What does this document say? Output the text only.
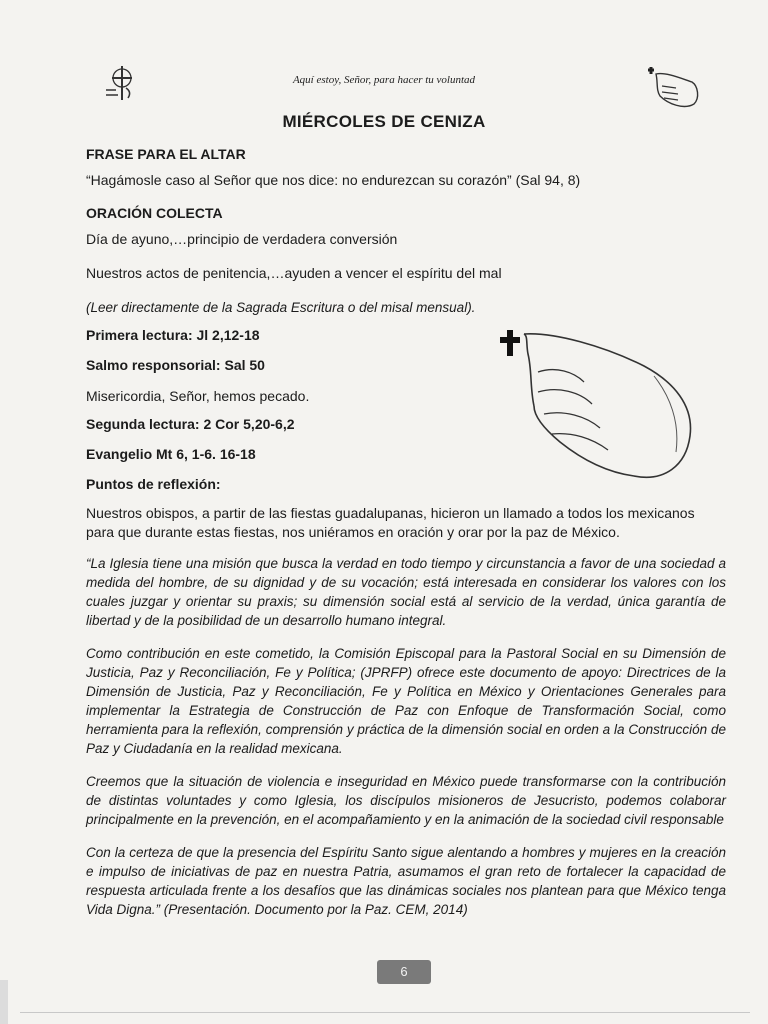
Aquí estoy, Señor, para hacer tu voluntad
MIÉRCOLES DE CENIZA
FRASE PARA EL ALTAR
“Hagámosle caso al Señor que nos dice: no endurezcan su corazón” (Sal 94, 8)
ORACIÓN COLECTA
Día de ayuno,…principio de verdadera conversión
Nuestros actos de penitencia,…ayuden a vencer el espíritu del mal
(Leer directamente de la Sagrada Escritura o del misal mensual).
Primera lectura: Jl 2,12-18
Salmo responsorial: Sal 50
Misericordia, Señor, hemos pecado.
Segunda lectura: 2 Cor 5,20-6,2
Evangelio Mt 6, 1-6. 16-18
Puntos de reflexión:
Nuestros obispos, a partir de las fiestas guadalupanas, hicieron un llamado a todos los mexicanos para que durante estas fiestas, nos uniéramos en oración y orar por la paz de México.
“La Iglesia tiene una misión que busca la verdad en todo tiempo y circunstancia a favor de una sociedad a medida del hombre, de su dignidad y de su vocación; está interesada en considerar los valores con los cuales juzgar y orientar su praxis; su dimensión social está al servicio de la verdad, única garantía de libertad y de la posibilidad de un desarrollo humano integral.
Como contribución en este cometido, la Comisión Episcopal para la Pastoral Social en su Dimensión de Justicia, Paz y Reconciliación, Fe y Política; (JPRFP) ofrece este documento de apoyo: Directrices de la Dimensión de Justicia, Paz y Reconciliación, Fe y Política en México y Orientaciones Generales para implementar la Estrategia de Construcción de Paz con Enfoque de Transformación Social, como herramienta para la reflexión, comprensión y práctica de la dimensión social en orden a la Construcción de Paz y Ciudadanía en la realidad mexicana.
Creemos que la situación de violencia e inseguridad en México puede transformarse con la contribución de distintas voluntades y como Iglesia, los discípulos misioneros de Jesucristo, podemos colaborar principalmente en la prevención, en el acompañamiento y en la animación de la sociedad civil responsable
Con la certeza de que la presencia del Espíritu Santo sigue alentando a hombres y mujeres en la creación e impulso de iniciativas de paz en nuestra Patria, asumamos el gran reto de fortalecer la capacidad de respuesta articulada frente a los desafíos que las dinámicas sociales nos plantean para que México tenga Vida Digna.” (Presentación. Documento por la Paz. CEM, 2014)
6
